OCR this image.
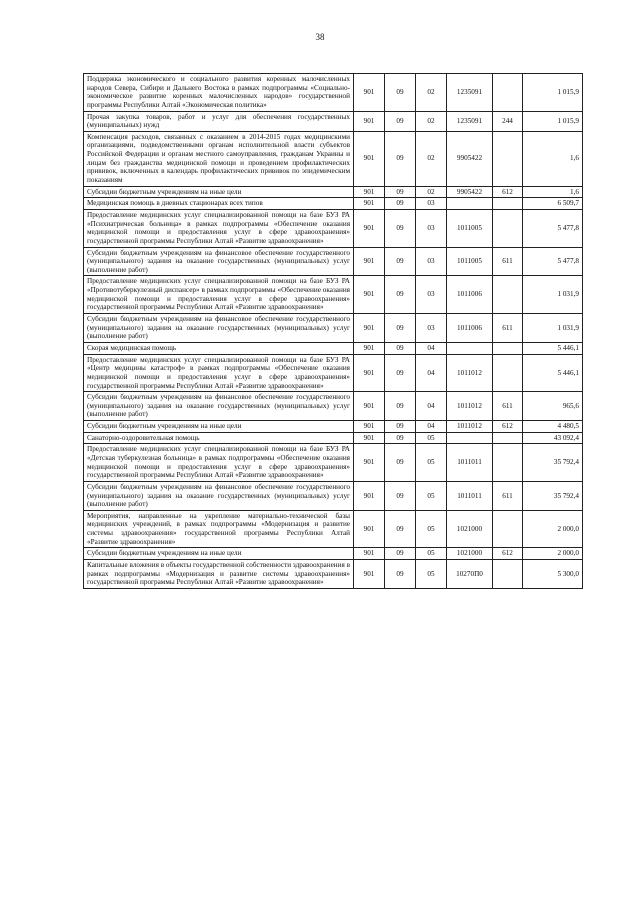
38
Поддержка экономического и социального развития коренных малочисленных народов Севера, Сибири и Дальнего Востока в рамках подпрограммы «Социально-экономическое развитие коренных малочисленных народов» государственной программы Республики Алтай «Экономическая политика»	901	09	02	1235091		1 015,9
Прочая закупка товаров, работ и услуг для обеспечения государственных (муниципальных) нужд	901	09	02	1235091	244	1 015,9
Компенсация расходов, связанных с оказанием в 2014-2015 годах медицинскими организациями, подведомственными органам исполнительной власти субъектов Российской Федерации и органам местного самоуправления, гражданам Украины и лицам без гражданства медицинской помощи и проведением профилактических прививок, включенных в календарь профилактических прививок по эпидемическим показаниям	901	09	02	9905422		1,6
Субсидии бюджетным учреждениям на иные цели	901	09	02	9905422	612	1,6
Медицинская помощь в дневных стационарах всех типов	901	09	03			6 509,7
Предоставление медицинских услуг специализированной помощи на базе БУЗ РА «Психиатрическая больница» в рамках подпрограммы «Обеспечение оказания медицинской помощи и предоставления услуг в сфере здравоохранения» государственной программы Республики Алтай «Развитие здравоохранения»	901	09	03	1011005		5 477,8
Субсидии бюджетным учреждениям на финансовое обеспечение государственного (муниципального) задания на оказание государственных (муниципальных) услуг (выполнение работ)	901	09	03	1011005	611	5 477,8
Предоставление медицинских услуг специализированной помощи на базе БУЗ РА «Противотуберкулезный диспансер» в рамках подпрограммы «Обеспечение оказания медицинской помощи и предоставления услуг в сфере здравоохранения» государственной программы Республики Алтай «Развитие здравоохранения»	901	09	03	1011006		1 031,9
Субсидии бюджетным учреждениям на финансовое обеспечение государственного (муниципального) задания на оказание государственных (муниципальных) услуг (выполнение работ)	901	09	03	1011006	611	1 031,9
Скорая медицинская помощь	901	09	04			5 446,1
Предоставление медицинских услуг специализированной помощи на базе БУЗ РА «Центр медицины катастроф» в рамках подпрограммы «Обеспечение оказания медицинской помощи и предоставления услуг в сфере здравоохранения» государственной программы Республики Алтай «Развитие здравоохранения»	901	09	04	1011012		5 446,1
Субсидии бюджетным учреждениям на финансовое обеспечение государственного (муниципального) задания на оказание государственных (муниципальных) услуг (выполнение работ)	901	09	04	1011012	611	965,6
Субсидии бюджетным учреждениям на иные цели	901	09	04	1011012	612	4 480,5
Санаторно-оздоровительная помощь	901	09	05			43 092,4
Предоставление медицинских услуг специализированной помощи на базе БУЗ РА «Детская туберкулезная больница» в рамках подпрограммы «Обеспечение оказания медицинской помощи и предоставления услуг в сфере здравоохранения» государственной программы Республики Алтай «Развитие здравоохранения»	901	09	05	1011011		35 792,4
Субсидии бюджетным учреждениям на финансовое обеспечение государственного (муниципального) задания на оказание государственных (муниципальных) услуг (выполнение работ)	901	09	05	1011011	611	35 792,4
Мероприятия, направленные на укрепление материально-технической базы медицинских учреждений, в рамках подпрограммы «Модернизация и развитие системы здравоохранения» государственной программы Республики Алтай «Развитие здравоохранения»	901	09	05	1021000		2 000,0
Субсидии бюджетным учреждениям на иные цели	901	09	05	1021000	612	2 000,0
Капитальные вложения в объекты государственной собственности здравоохранения в рамках подпрограммы «Модернизация и развитие системы здравоохранения» государственной программы Республики Алтай «Развитие здравоохранения»	901	09	05	10270П0		5 300,0
